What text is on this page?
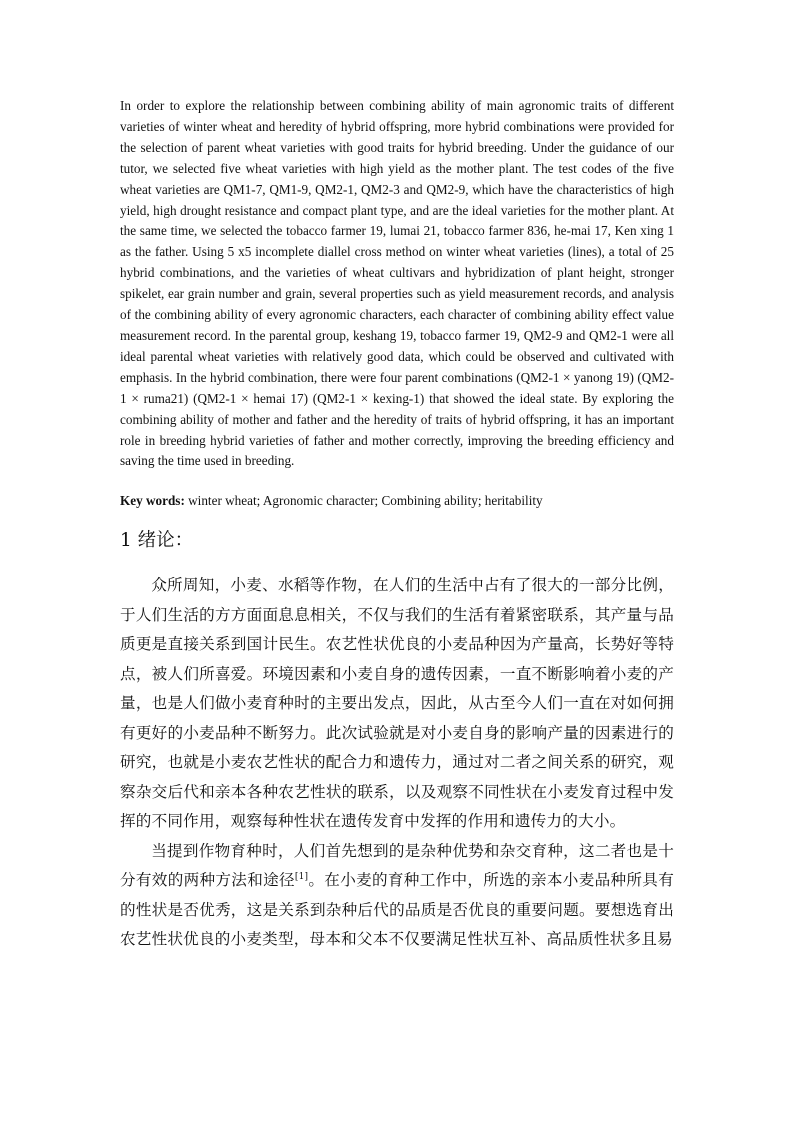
In order to explore the relationship between combining ability of main agronomic traits of different varieties of winter wheat and heredity of hybrid offspring, more hybrid combinations were provided for the selection of parent wheat varieties with good traits for hybrid breeding. Under the guidance of our tutor, we selected five wheat varieties with high yield as the mother plant. The test codes of the five wheat varieties are QM1-7, QM1-9, QM2-1, QM2-3 and QM2-9, which have the characteristics of high yield, high drought resistance and compact plant type, and are the ideal varieties for the mother plant. At the same time, we selected the tobacco farmer 19, lumai 21, tobacco farmer 836, he-mai 17, Ken xing 1 as the father. Using 5 x5 incomplete diallel cross method on winter wheat varieties (lines), a total of 25 hybrid combinations, and the varieties of wheat cultivars and hybridization of plant height, stronger spikelet, ear grain number and grain, several properties such as yield measurement records, and analysis of the combining ability of every agronomic characters, each character of combining ability effect value measurement record. In the parental group, keshang 19, tobacco farmer 19, QM2-9 and QM2-1 were all ideal parental wheat varieties with relatively good data, which could be observed and cultivated with emphasis. In the hybrid combination, there were four parent combinations (QM2-1 × yanong 19) (QM2-1 × ruma21) (QM2-1 × hemai 17) (QM2-1 × kexing-1) that showed the ideal state. By exploring the combining ability of mother and father and the heredity of traits of hybrid offspring, it has an important role in breeding hybrid varieties of father and mother correctly, improving the breeding efficiency and saving the time used in breeding.

Key words: winter wheat; Agronomic character; Combining ability; heritability

1 绪论：

众所周知，小麦、水稻等作物，在人们的生活中占有了很大的一部分比例，于人们生活的方方面面息息相关，不仅与我们的生活有着紧密联系，其产量与品质更是直接关系到国计民生。农艺性状优良的小麦品种因为产量高，长势好等特点，被人们所喜爱。环境因素和小麦自身的遗传因素，一直不断影响着小麦的产量，也是人们做小麦育种时的主要出发点，因此，从古至今人们一直在对如何拥有更好的小麦品种不断努力。此次试验就是对小麦自身的影响产量的因素进行的研究，也就是小麦农艺性状的配合力和遗传力，通过对二者之间关系的研究，观察杂交后代和亲本各种农艺性状的联系，以及观察不同性状在小麦发育过程中发挥的不同作用，观察每种性状在遗传发育中发挥的作用和遗传力的大小。

当提到作物育种时，人们首先想到的是杂种优势和杂交育种，这二者也是十分有效的两种方法和途径[1]。在小麦的育种工作中，所选的亲本小麦品种所具有的性状是否优秀，这是关系到杂种后代的品质是否优良的重要问题。要想选育出农艺性状优良的小麦类型，母本和父本不仅要满足性状互补、高品质性状多且易
